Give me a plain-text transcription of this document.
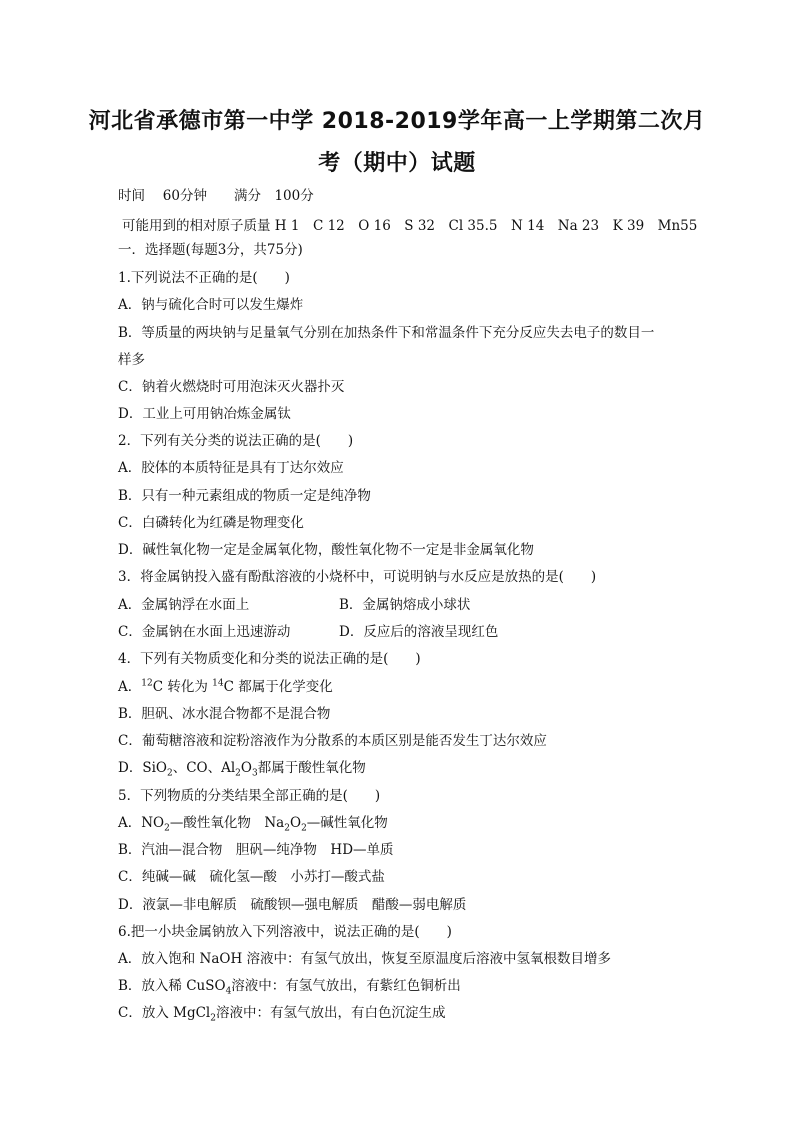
河北省承德市第一中学 2018-2019学年高一上学期第二次月
考（期中）试题
时间　 60分钟　　满分　100分
可能用到的相对原子质量 H 1　C 12　O 16　S 32　Cl 35.5　N 14　Na 23　K 39　Mn55
一．选择题(每题3分，共75分)
1.下列说法不正确的是(　　)
A．钠与硫化合时可以发生爆炸
B．等质量的两块钠与足量氧气分别在加热条件下和常温条件下充分反应失去电子的数目一
样多
C．钠着火燃烧时可用泡沫灭火器扑灭
D．工业上可用钠冶炼金属钛
2．下列有关分类的说法正确的是(　　)
A．胶体的本质特征是具有丁达尔效应
B．只有一种元素组成的物质一定是纯净物
C．白磷转化为红磷是物理变化
D．碱性氧化物一定是金属氧化物，酸性氧化物不一定是非金属氧化物
3．将金属钠投入盛有酚酞溶液的小烧杯中，可说明钠与水反应是放热的是(　　)
A．金属钠浮在水面上	B．金属钠熔成小球状
C．金属钠在水面上迅速游动	D．反应后的溶液呈现红色
4．下列有关物质变化和分类的说法正确的是(　　)
A．$^{12}$C 转化为 $^{14}$C 都属于化学变化
B．胆矾、冰水混合物都不是混合物
C．葡萄糖溶液和淀粉溶液作为分散系的本质区别是能否发生丁达尔效应
D．SiO$_2$、CO、$Al_2O_3$都属于酸性氧化物
5．下列物质的分类结果全部正确的是(　　)
A．$NO_2—$酸性氧化物　$Na_2O_2—$碱性氧化物
B．汽油—混合物　胆矾—纯净物　HD—单质
C．纯碱—碱　硫化氢—酸　小苏打—酸式盐
D．液氯—非电解质　硫酸钡—强电解质　醋酸—弱电解质
6.把一小块金属钠放入下列溶液中，说法正确的是(　　)
A．放入饱和 NaOH 溶液中：有氢气放出，恢复至原温度后溶液中氢氧根数目增多
B．放入稀 CuSO$_4$溶液中：有氢气放出，有紫红色铜析出
C．放入 MgCl$_2$溶液中：有氢气放出，有白色沉淀生成
